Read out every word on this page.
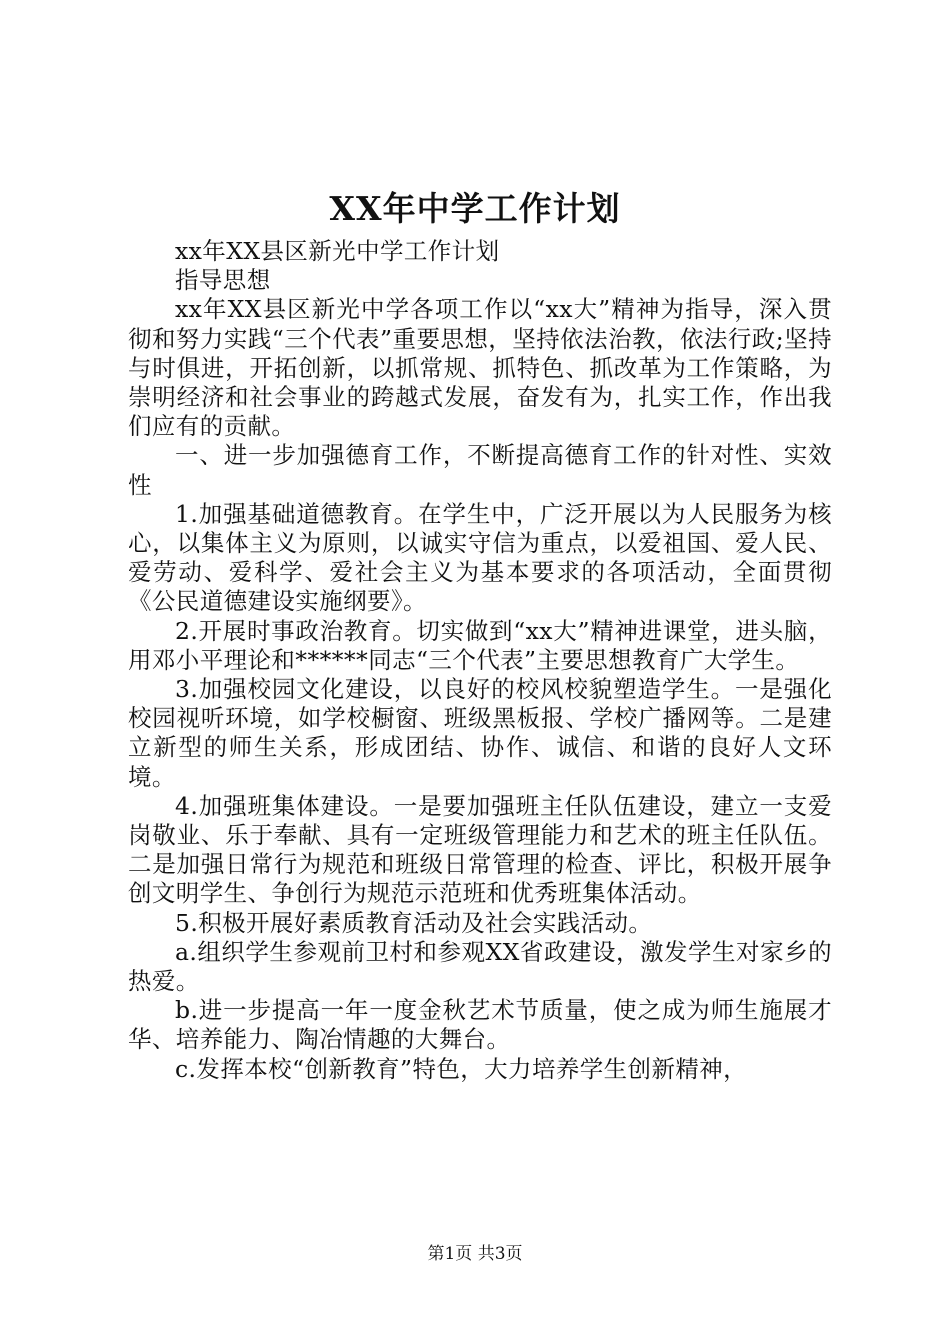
XX年中学工作计划

xx年XX县区新光中学工作计划

指导思想

xx年XX县区新光中学各项工作以“xx大”精神为指导，深入贯彻和努力实践“三个代表”重要思想，坚持依法治教，依法行政;坚持与时俱进，开拓创新，以抓常规、抓特色、抓改革为工作策略，为崇明经济和社会事业的跨越式发展，奋发有为，扎实工作，作出我们应有的贡献。

一、进一步加强德育工作，不断提高德育工作的针对性、实效性

1.加强基础道德教育。在学生中，广泛开展以为人民服务为核心，以集体主义为原则，以诚实守信为重点，以爱祖国、爱人民、爱劳动、爱科学、爱社会主义为基本要求的各项活动，全面贯彻《公民道德建设实施纲要》。

2.开展时事政治教育。切实做到“xx大”精神进课堂，进头脑，用邓小平理论和******同志“三个代表”主要思想教育广大学生。

3.加强校园文化建设，以良好的校风校貌塑造学生。一是强化校园视听环境，如学校橱窗、班级黑板报、学校广播网等。二是建立新型的师生关系，形成团结、协作、诚信、和谐的良好人文环境。

4.加强班集体建设。一是要加强班主任队伍建设，建立一支爱岗敬业、乐于奉献、具有一定班级管理能力和艺术的班主任队伍。二是加强日常行为规范和班级日常管理的检查、评比，积极开展争创文明学生、争创行为规范示范班和优秀班集体活动。

5.积极开展好素质教育活动及社会实践活动。

a.组织学生参观前卫村和参观XX省政建设，激发学生对家乡的热爱。

b.进一步提高一年一度金秋艺术节质量，使之成为师生施展才华、培养能力、陶冶情趣的大舞台。

c.发挥本校“创新教育”特色，大力培养学生创新精神，

第1页 共3页
